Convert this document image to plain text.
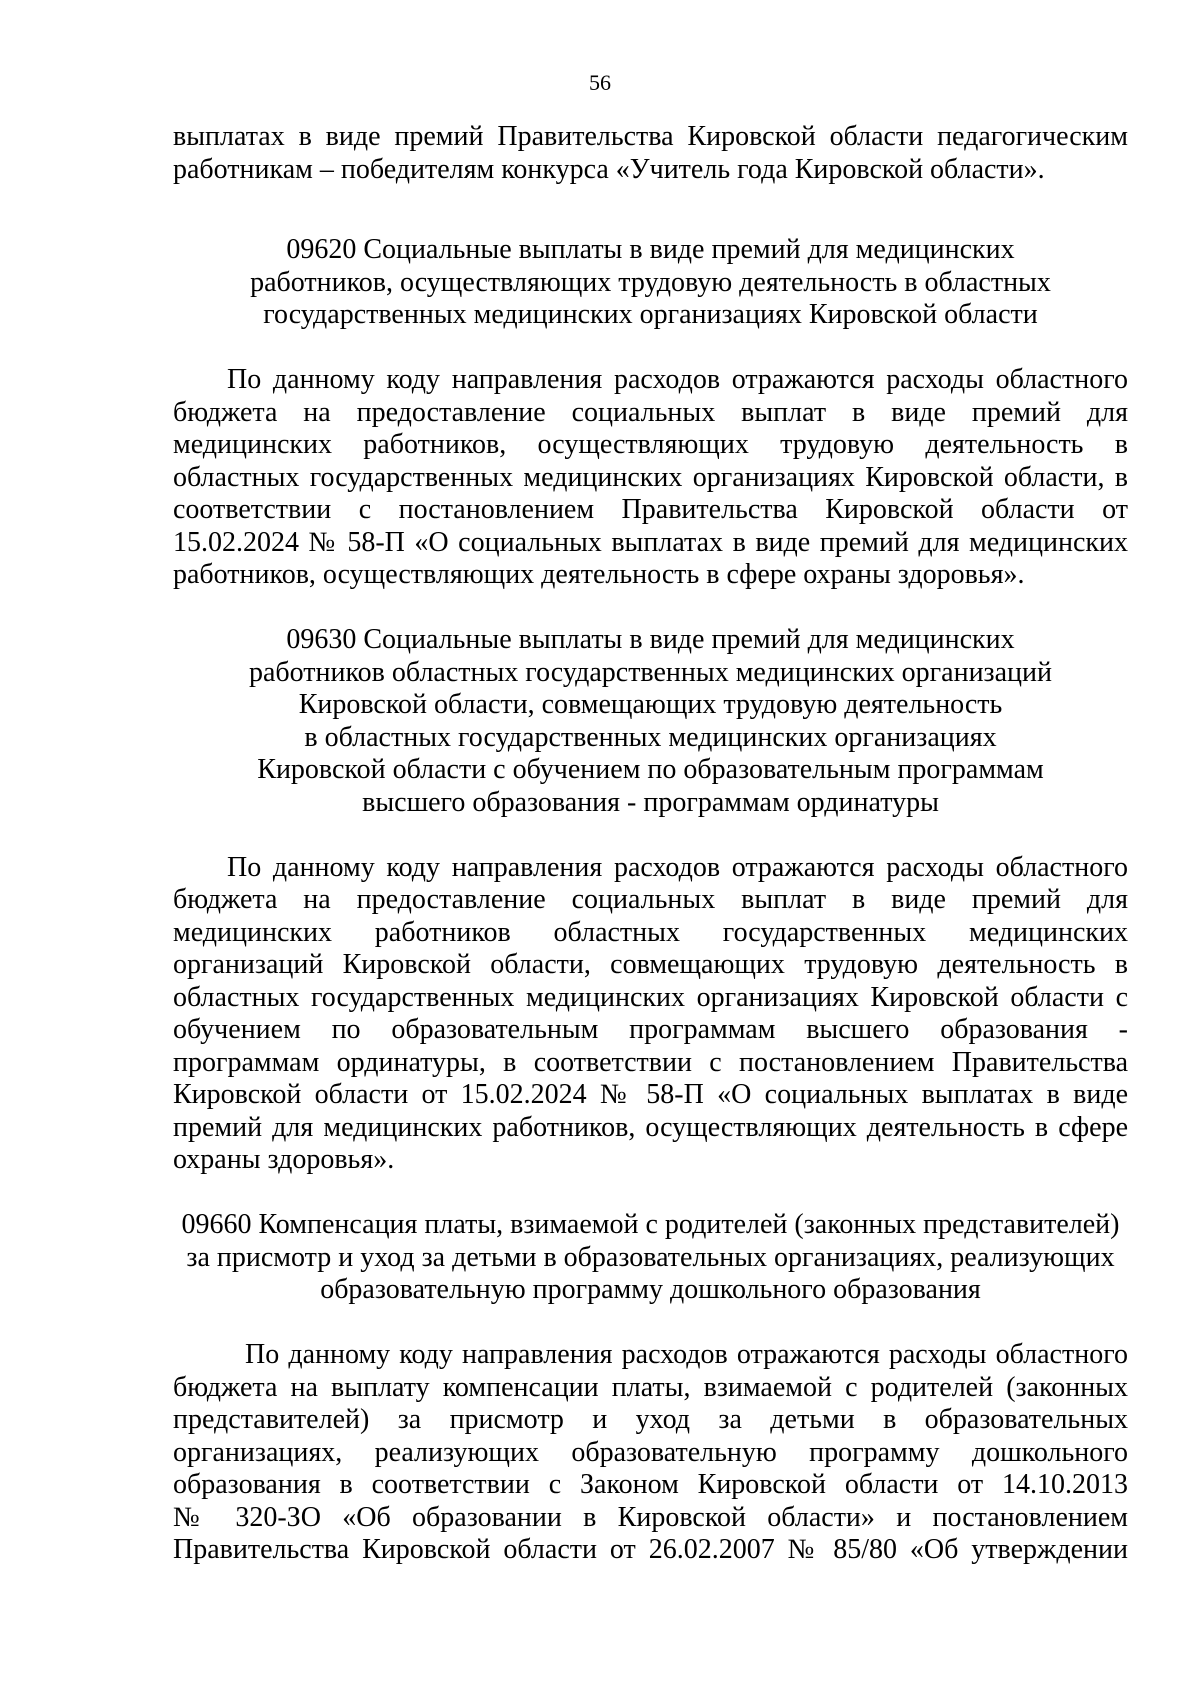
56
выплатах в виде премий Правительства Кировской области педагогическим
работникам – победителям конкурса «Учитель года Кировской области».
09620 Социальные выплаты в виде премий для медицинских
работников, осуществляющих трудовую деятельность в областных
государственных медицинских организациях Кировской области
По данному коду направления расходов отражаются расходы областного
бюджета на предоставление социальных выплат в виде премий для
медицинских работников, осуществляющих трудовую деятельность в
областных государственных медицинских организациях Кировской области, в
соответствии с постановлением Правительства Кировской области от
15.02.2024 № 58-П «О социальных выплатах в виде премий для медицинских
работников, осуществляющих деятельность в сфере охраны здоровья».
09630 Социальные выплаты в виде премий для медицинских
работников областных государственных медицинских организаций
Кировской области, совмещающих трудовую деятельность
в областных государственных медицинских организациях
Кировской области с обучением по образовательным программам
высшего образования - программам ординатуры
По данному коду направления расходов отражаются расходы областного
бюджета на предоставление социальных выплат в виде премий для
медицинских работников областных государственных медицинских
организаций Кировской области, совмещающих трудовую деятельность в
областных государственных медицинских организациях Кировской области с
обучением по образовательным программам высшего образования -
программам ординатуры, в соответствии с постановлением Правительства
Кировской области от 15.02.2024 № 58-П «О социальных выплатах в виде
премий для медицинских работников, осуществляющих деятельность в сфере
охраны здоровья».
09660 Компенсация платы, взимаемой с родителей (законных представителей)
за присмотр и уход за детьми в образовательных организациях, реализующих
образовательную программу дошкольного образования
По данному коду направления расходов отражаются расходы областного
бюджета на выплату компенсации платы, взимаемой с родителей (законных
представителей) за присмотр и уход за детьми в образовательных
организациях, реализующих образовательную программу дошкольного
образования в соответствии с Законом Кировской области от 14.10.2013
№ 320-ЗО «Об образовании в Кировской области» и постановлением
Правительства Кировской области от 26.02.2007 № 85/80 «Об утверждении
